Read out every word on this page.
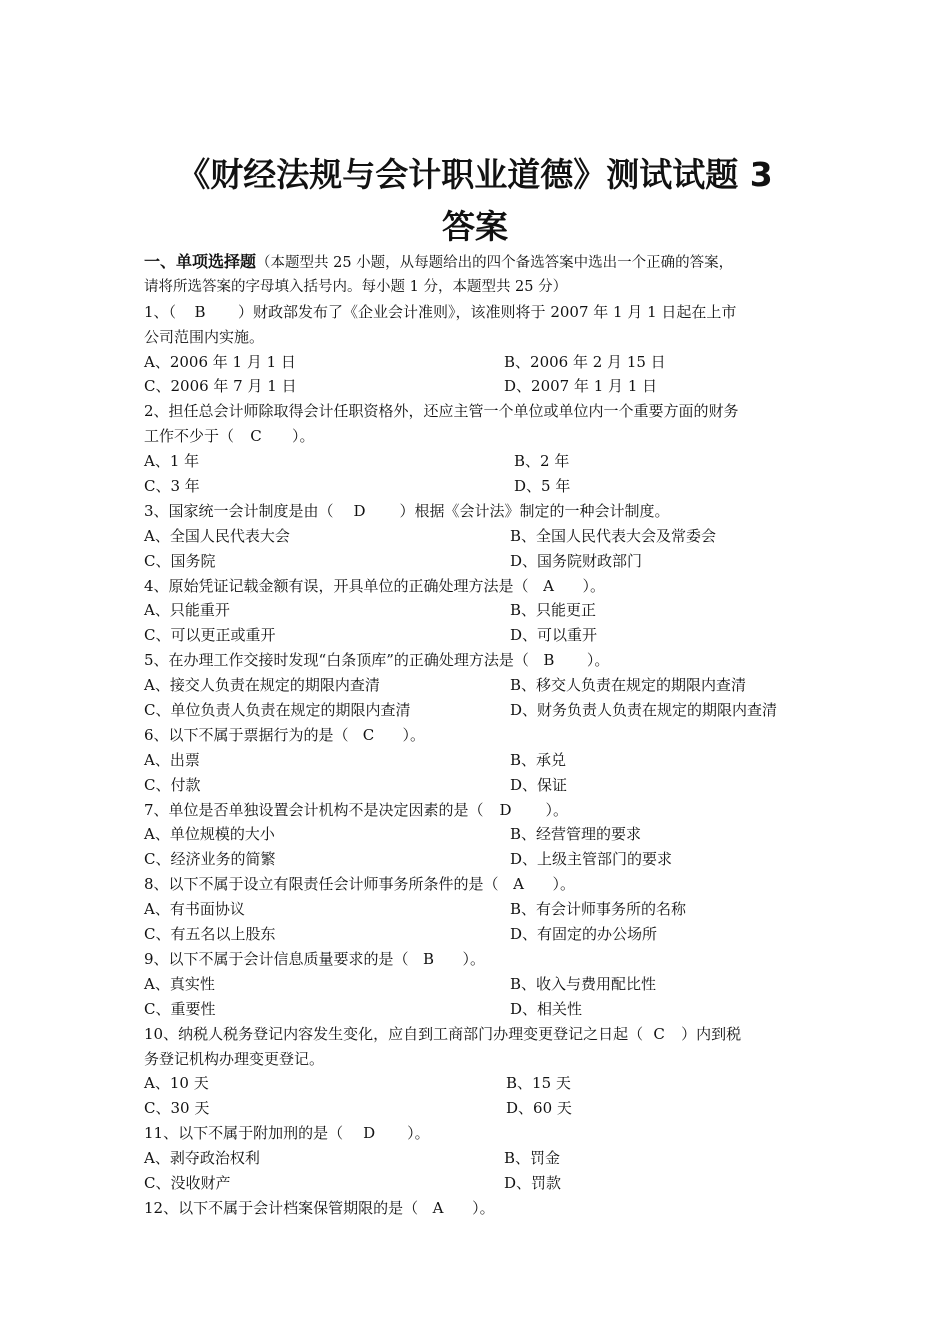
《财经法规与会计职业道德》测试试题 3
答案
一、单项选择题（本题型共 25 小题，从每题给出的四个备选答案中选出一个正确的答案，
请将所选答案的字母填入括号内。每小题 1 分，本题型共 25 分）
1、（ B ）财政部发布了《企业会计准则》，该准则将于 2007 年 1 月 1 日起在上市
公司范围内实施。
A、2006 年 1 月 1 日	B、2006 年 2 月 15 日
C、2006 年 7 月 1 日	D、2007 年 1 月 1 日
2、担任总会计师除取得会计任职资格外，还应主管一个单位或单位内一个重要方面的财务
工作不少于（ C ）。
A、1 年	B、2 年
C、3 年	D、5 年
3、国家统一会计制度是由（ D ）根据《会计法》制定的一种会计制度。
A、全国人民代表大会	B、全国人民代表大会及常委会
C、国务院	D、国务院财政部门
4、原始凭证记载金额有误，开具单位的正确处理方法是（ A ）。
A、只能重开	B、只能更正
C、可以更正或重开	D、可以重开
5、在办理工作交接时发现“白条顶库”的正确处理方法是（ B ）。
A、接交人负责在规定的期限内查清	B、移交人负责在规定的期限内查清
C、单位负责人负责在规定的期限内查清	D、财务负责人负责在规定的期限内查清
6、以下不属于票据行为的是（ C ）。
A、出票	B、承兑
C、付款	D、保证
7、单位是否单独设置会计机构不是决定因素的是（ D ）。
A、单位规模的大小	B、经营管理的要求
C、经济业务的简繁	D、上级主管部门的要求
8、以下不属于设立有限责任会计师事务所条件的是（ A ）。
A、有书面协议	B、有会计师事务所的名称
C、有五名以上股东	D、有固定的办公场所
9、以下不属于会计信息质量要求的是（ B ）。
A、真实性	B、收入与费用配比性
C、重要性	D、相关性
10、纳税人税务登记内容发生变化，应自到工商部门办理变更登记之日起（ C ）内到税
务登记机构办理变更登记。
A、10 天	B、15 天
C、30 天	D、60 天
11、以下不属于附加刑的是（ D ）。
A、剥夺政治权利	B、罚金
C、没收财产	D、罚款
12、以下不属于会计档案保管期限的是（ A ）。
